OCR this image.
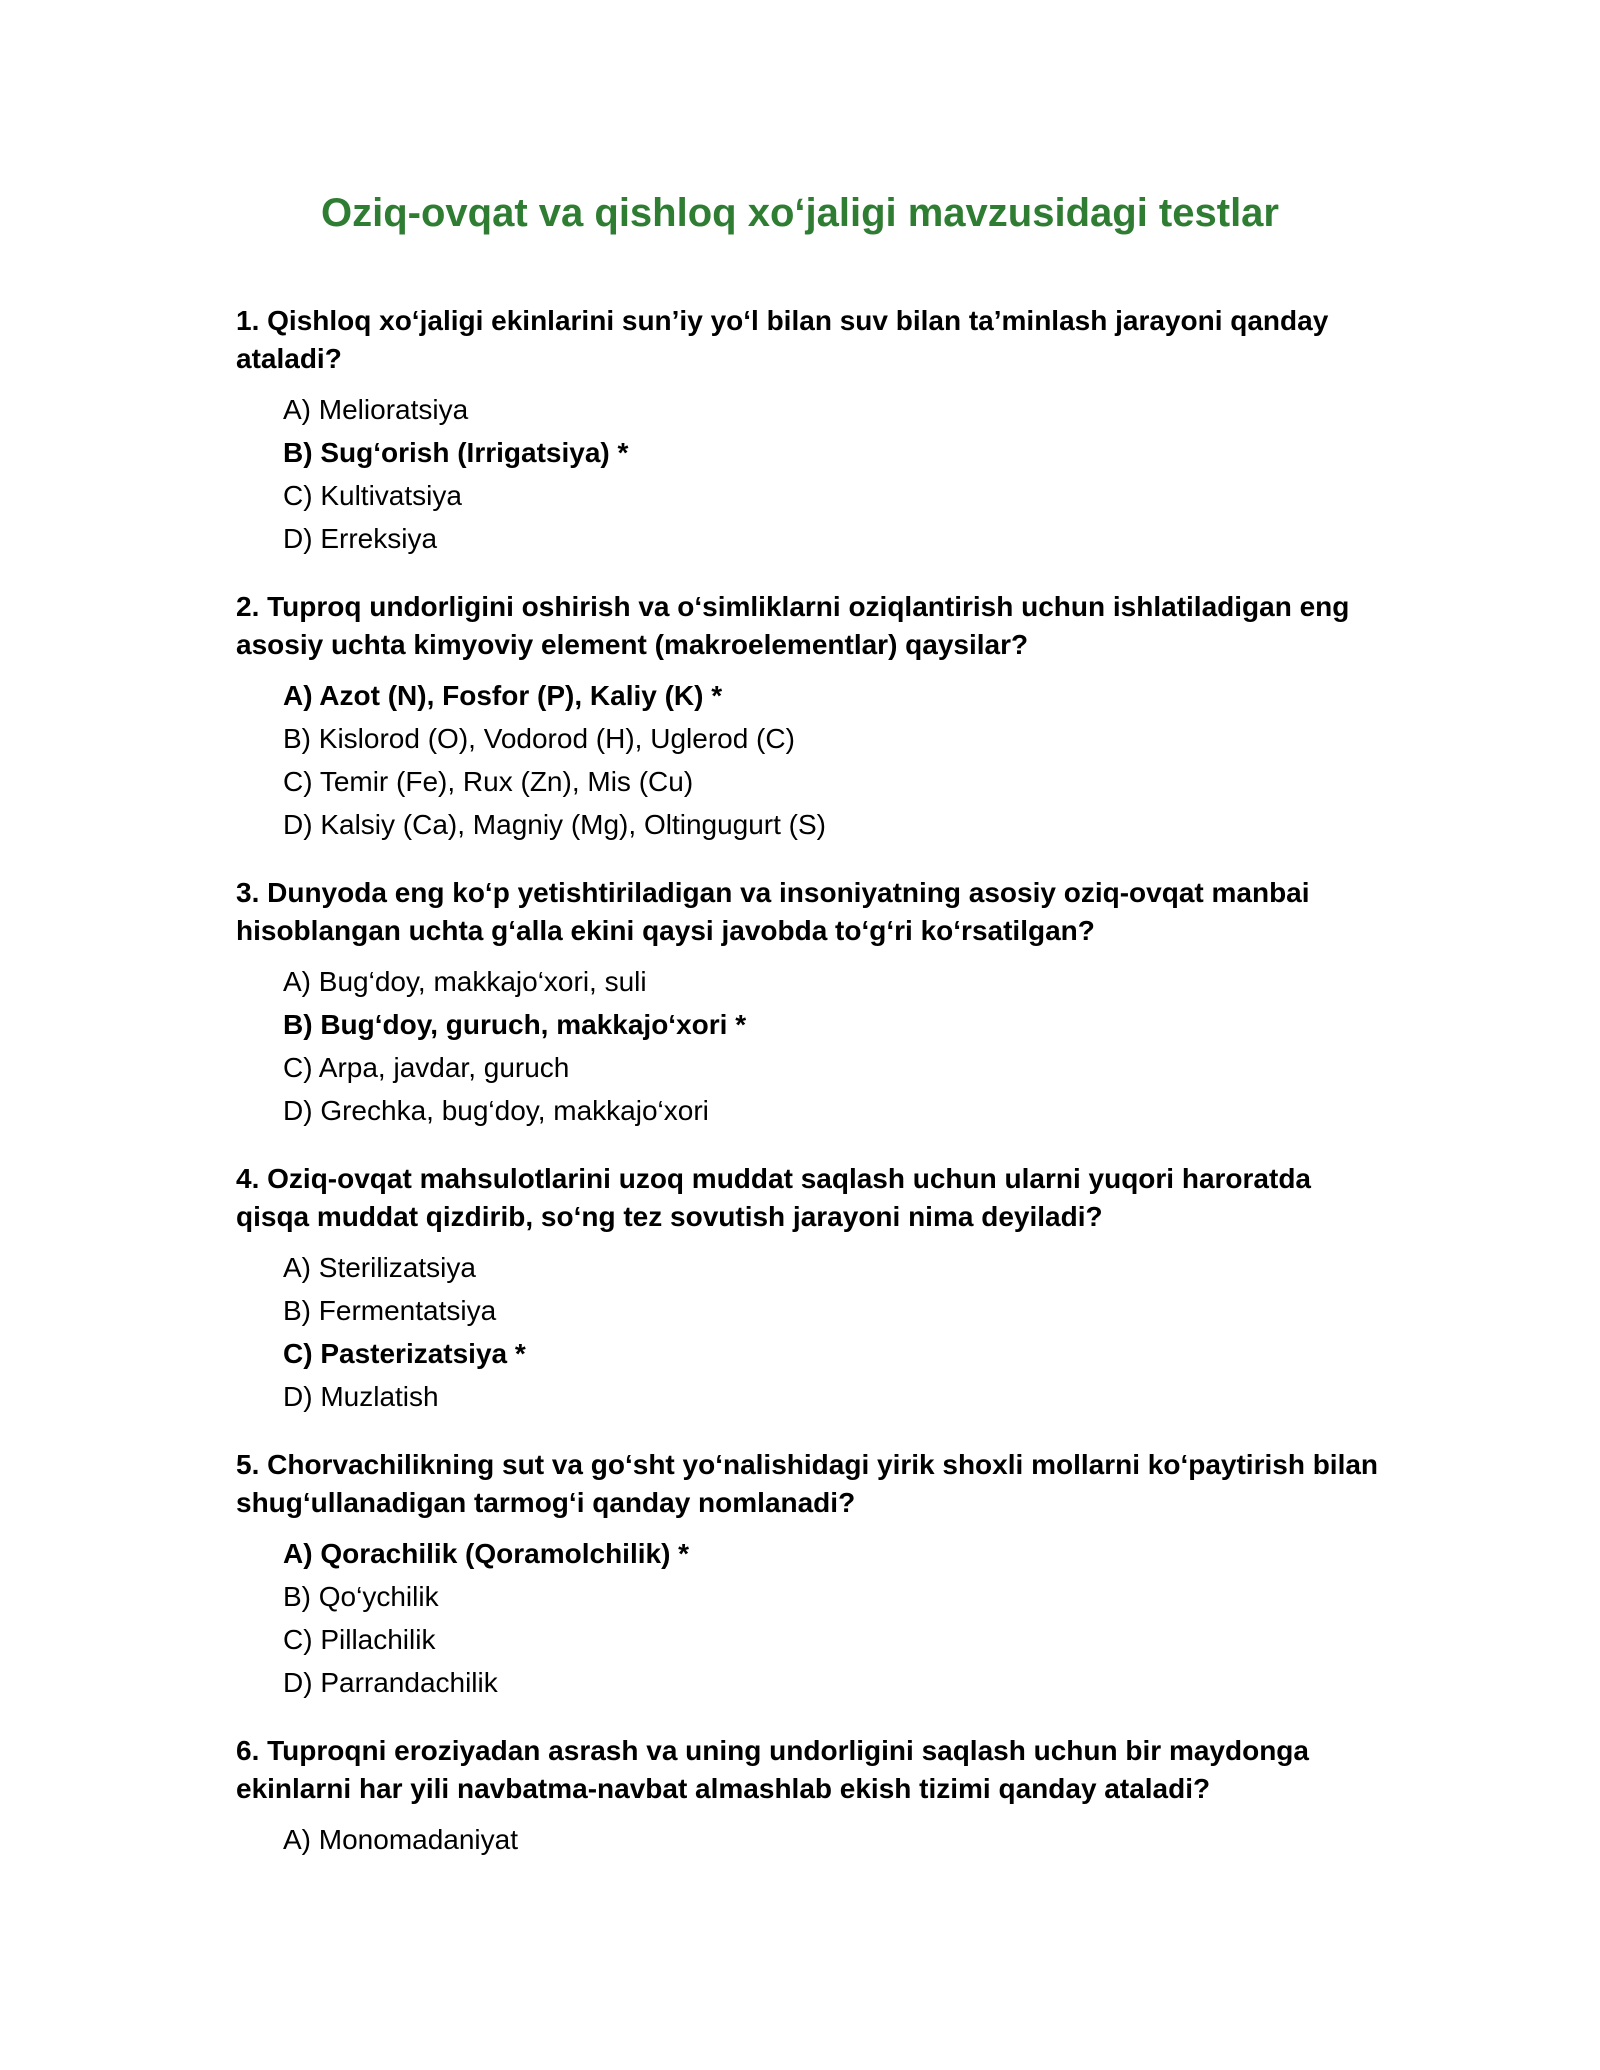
Oziq-ovqat va qishloq xo‘jaligi mavzusidagi testlar

1. Qishloq xo‘jaligi ekinlarini sun’iy yo‘l bilan suv bilan ta’minlash jarayoni qanday ataladi?

A) Melioratsiya
B) Sug‘orish (Irrigatsiya) *
C) Kultivatsiya
D) Erreksiya

2. Tuproq undorligini oshirish va o‘simliklarni oziqlantirish uchun ishlatiladigan eng asosiy uchta kimyoviy element (makroelementlar) qaysilar?

A) Azot (N), Fosfor (P), Kaliy (K) *
B) Kislorod (O), Vodorod (H), Uglerod (C)
C) Temir (Fe), Rux (Zn), Mis (Cu)
D) Kalsiy (Ca), Magniy (Mg), Oltingugurt (S)

3. Dunyoda eng ko‘p yetishtiriladigan va insoniyatning asosiy oziq-ovqat manbai hisoblangan uchta g‘alla ekini qaysi javobda to‘g‘ri ko‘rsatilgan?

A) Bug‘doy, makkajo‘xori, suli
B) Bug‘doy, guruch, makkajo‘xori *
C) Arpa, javdar, guruch
D) Grechka, bug‘doy, makkajo‘xori

4. Oziq-ovqat mahsulotlarini uzoq muddat saqlash uchun ularni yuqori haroratda qisqa muddat qizdirib, so‘ng tez sovutish jarayoni nima deyiladi?

A) Sterilizatsiya
B) Fermentatsiya
C) Pasterizatsiya *
D) Muzlatish

5. Chorvachilikning sut va go‘sht yo‘nalishidagi yirik shoxli mollarni ko‘paytirish bilan shug‘ullanadigan tarmog‘i qanday nomlanadi?

A) Qorachilik (Qoramolchilik) *
B) Qo‘ychilik
C) Pillachilik
D) Parrandachilik

6. Tuproqni eroziyadan asrash va uning undorligini saqlash uchun bir maydonga ekinlarni har yili navbatma-navbat almashlab ekish tizimi qanday ataladi?

A) Monomadaniyat
